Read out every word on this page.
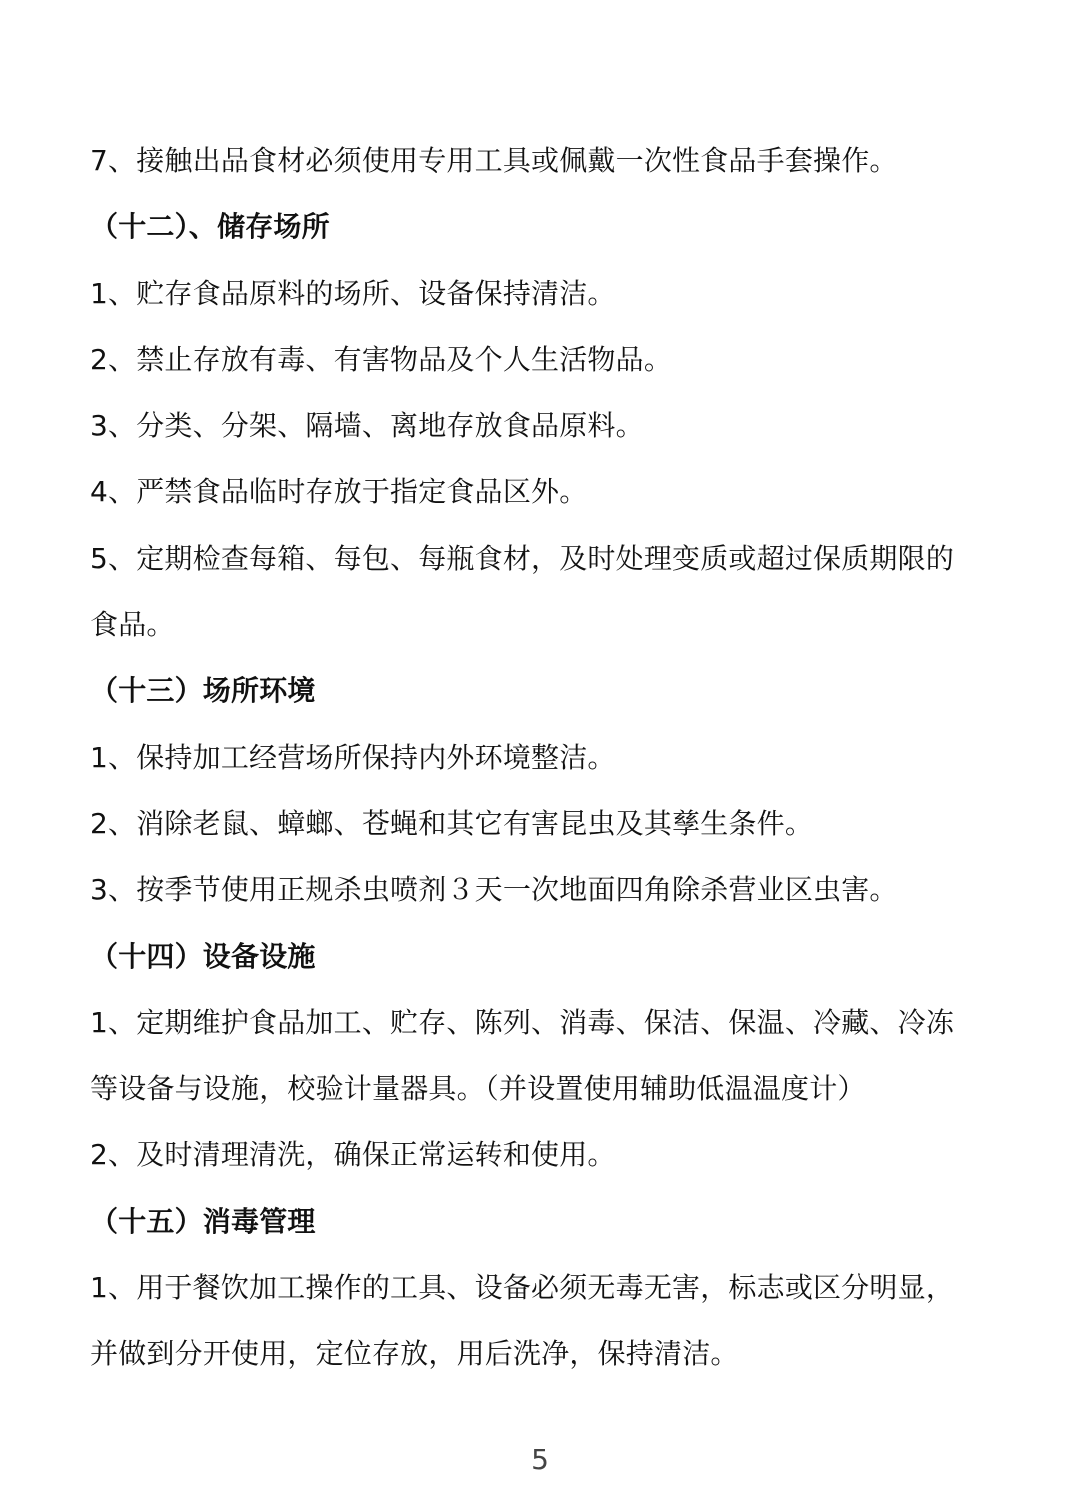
7、接触出品食材必须使用专用工具或佩戴一次性食品手套操作。
（十二）、储存场所
1、贮存食品原料的场所、设备保持清洁。
2、禁止存放有毒、有害物品及个人生活物品。
3、分类、分架、隔墙、离地存放食品原料。
4、严禁食品临时存放于指定食品区外。
5、定期检查每箱、每包、每瓶食材，及时处理变质或超过保质期限的
食品。
（十三）场所环境
1、保持加工经营场所保持内外环境整洁。
2、消除老鼠、蟑螂、苍蝇和其它有害昆虫及其孳生条件。
3、按季节使用正规杀虫喷剂３天一次地面四角除杀营业区虫害。
（十四）设备设施
1、定期维护食品加工、贮存、陈列、消毒、保洁、保温、冷藏、冷冻
等设备与设施，校验计量器具。（并设置使用辅助低温温度计）
2、及时清理清洗，确保正常运转和使用。
（十五）消毒管理
1、用于餐饮加工操作的工具、设备必须无毒无害，标志或区分明显，
并做到分开使用，定位存放，用后洗净，保持清洁。
5
